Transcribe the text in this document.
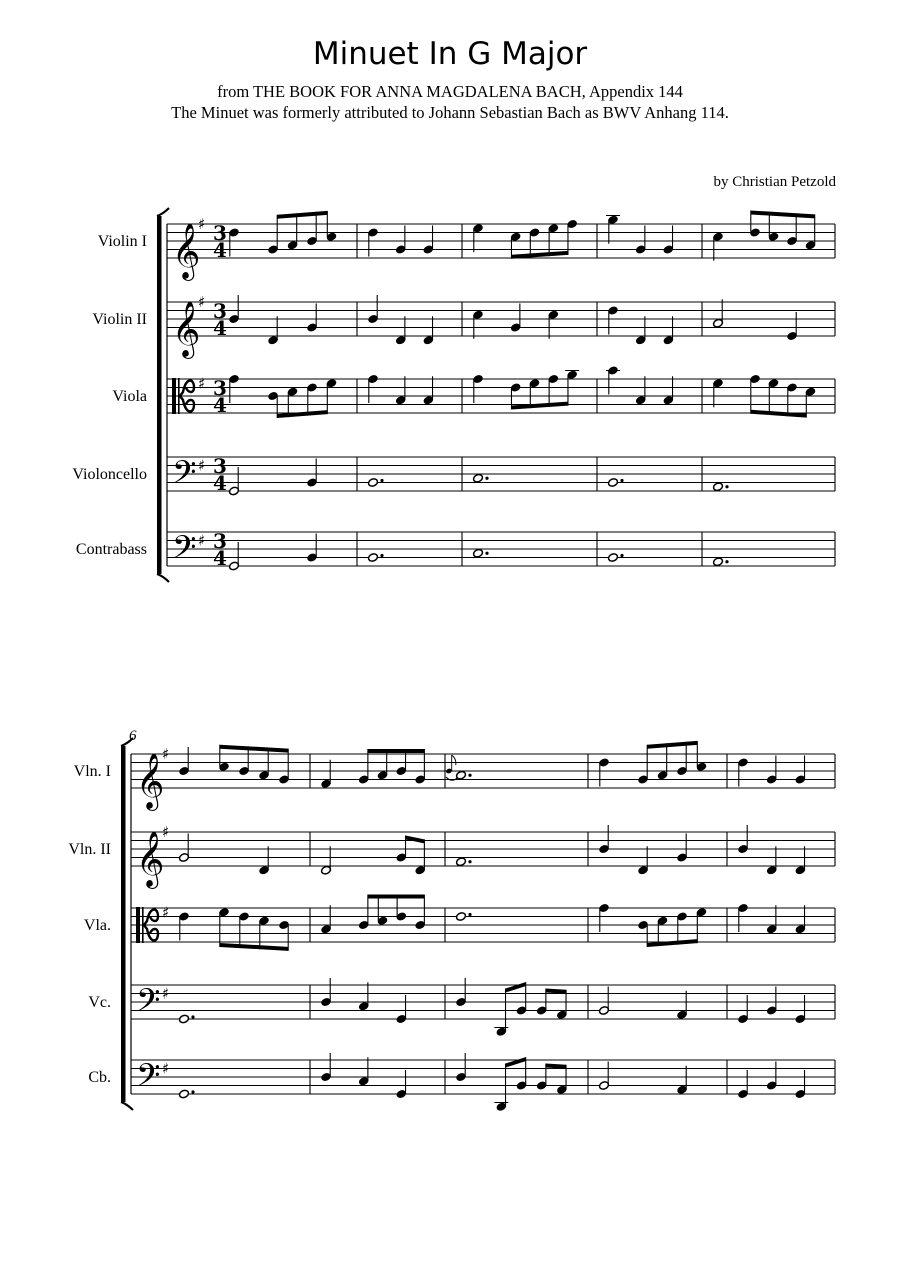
Minuet In G Major

from THE BOOK FOR ANNA MAGDALENA BACH, Appendix 144

The Minuet was formerly attributed to Johann Sebastian Bach as BWV Anhang 114.

by Christian Petzold
Violin I 𝄞
♯ 3
4
Violin II 𝄞
♯ 3
4
Viola
♯ 3
4
Violoncello 𝄢 ♯ 3
4
Contrabass 𝄢 ♯ 3
4
6
Vln. I 𝄞
♯
Vln. II 𝄞
♯
Vla.
♯
Vc. 𝄢 ♯
Cb. 𝄢 ♯
